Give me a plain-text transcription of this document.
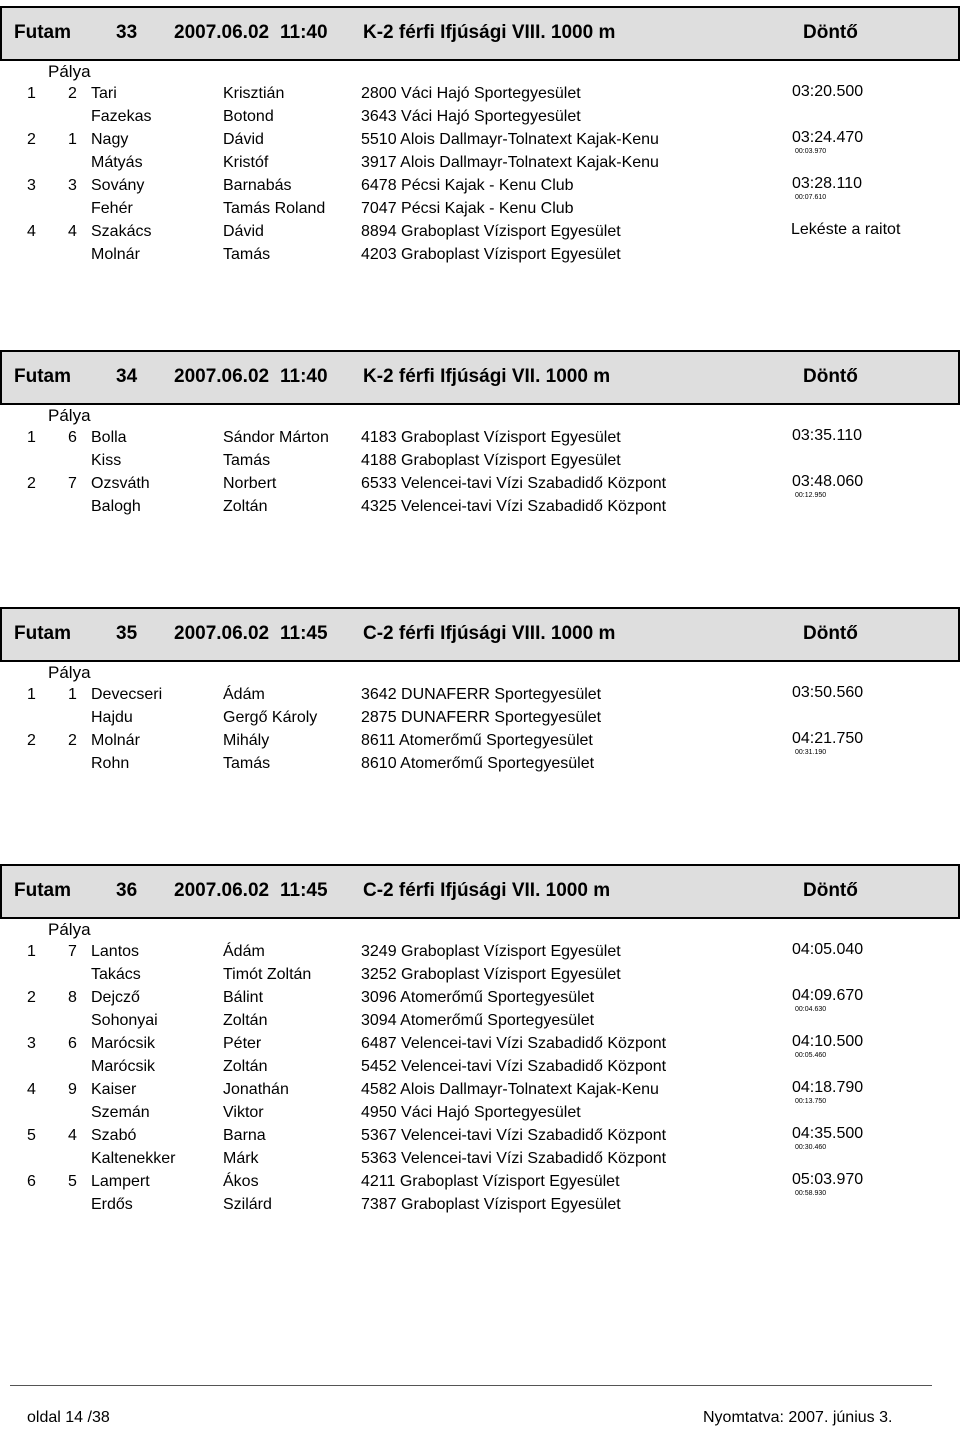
Futam 33 2007.06.02 11:40 K-2 férfi Ifjúsági VIII. 1000 m	Döntő
Pálya
1 2 Tari	Krisztián	2800 Váci Hajó Sportegyesület	03:20.500
Fazekas	Botond	3643 Váci Hajó Sportegyesület
2 1 Nagy	Dávid	5510 Alois Dallmayr-Tolnatext Kajak-Kenu	03:24.470
00:03.970
Mátyás	Kristóf	3917 Alois Dallmayr-Tolnatext Kajak-Kenu
3 3 Sovány	Barnabás	6478 Pécsi Kajak - Kenu Club	03:28.110
00:07.610
Fehér	Tamás Roland 7047 Pécsi Kajak - Kenu Club
4 4 Szakács	Dávid	8894 Graboplast Vízisport Egyesület	Lekéste a raitot
Molnár	Tamás	4203 Graboplast Vízisport Egyesület
Futam 34 2007.06.02 11:40 K-2 férfi Ifjúsági VII. 1000 m	Döntő
Pálya
1 6 Bolla	Sándor Márton 4183 Graboplast Vízisport Egyesület	03:35.110
Kiss	Tamás	4188 Graboplast Vízisport Egyesület
2 7 Ozsváth	Norbert	6533 Velencei-tavi Vízi Szabadidő Központ	03:48.060
00:12.950
Balogh	Zoltán	4325 Velencei-tavi Vízi Szabadidő Központ
Futam 35 2007.06.02 11:45 C-2 férfi Ifjúsági VIII. 1000 m	Döntő
Pálya
1 1 Devecseri	Ádám	3642 DUNAFERR Sportegyesület	03:50.560
Hajdu	Gergő Károly	2875 DUNAFERR Sportegyesület
2 2 Molnár	Mihály	8611 Atomerőmű Sportegyesület	04:21.750
00:31.190
Rohn	Tamás	8610 Atomerőmű Sportegyesület
Futam 36 2007.06.02 11:45 C-2 férfi Ifjúsági VII. 1000 m	Döntő
Pálya
1 7 Lantos	Ádám	3249 Graboplast Vízisport Egyesület	04:05.040
Takács	Timót Zoltán	3252 Graboplast Vízisport Egyesület
2 8 Dejcző	Bálint	3096 Atomerőmű Sportegyesület	04:09.670
00:04.630
Sohonyai	Zoltán	3094 Atomerőmű Sportegyesület
3 6 Marócsik	Péter	6487 Velencei-tavi Vízi Szabadidő Központ	04:10.500
00:05.460
Marócsik	Zoltán	5452 Velencei-tavi Vízi Szabadidő Központ
4 9 Kaiser	Jonathán	4582 Alois Dallmayr-Tolnatext Kajak-Kenu	04:18.790
00:13.750
Szemán	Viktor	4950 Váci Hajó Sportegyesület
5 4 Szabó	Barna	5367 Velencei-tavi Vízi Szabadidő Központ	04:35.500
00:30.460
Kaltenekker	Márk	5363 Velencei-tavi Vízi Szabadidő Központ
6 5 Lampert	Ákos	4211 Graboplast Vízisport Egyesület	05:03.970
00:58.930
Erdős	Szilárd	7387 Graboplast Vízisport Egyesület
oldal 14 /38	Nyomtatva: 2007. június 3.
